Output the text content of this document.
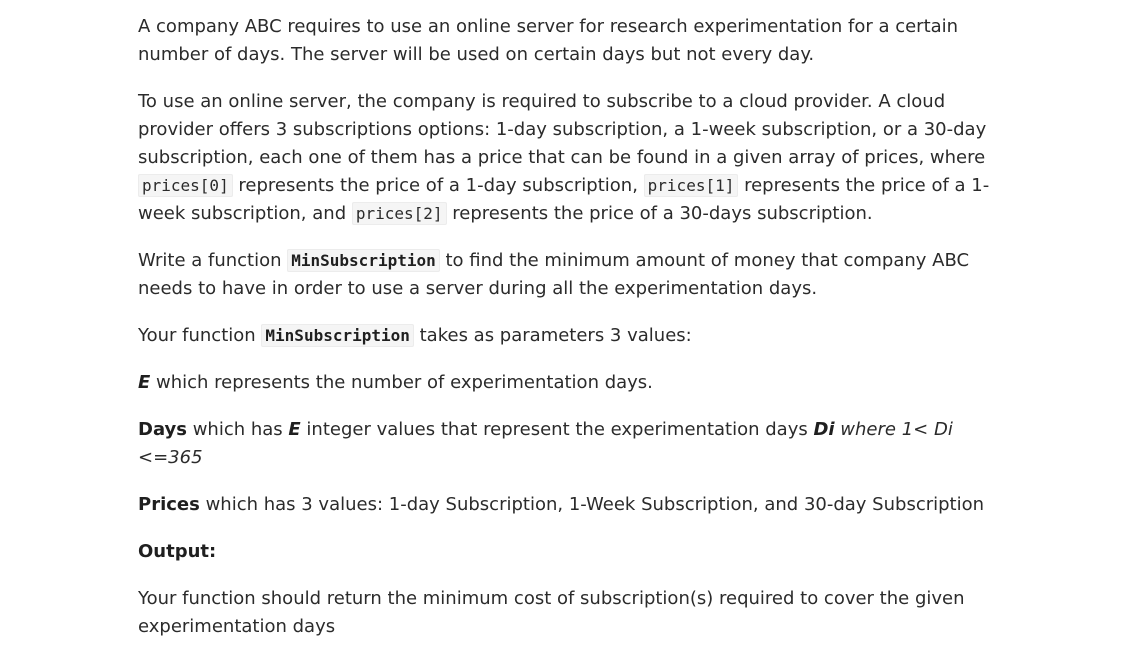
A company ABC requires to use an online server for research experimentation for a certain number of days. The server will be used on certain days but not every day.

To use an online server, the company is required to subscribe to a cloud provider. A cloud provider offers 3 subscriptions options: 1-day subscription, a 1-week subscription, or a 30-day subscription, each one of them has a price that can be found in a given array of prices, where prices[0] represents the price of a 1-day subscription, prices[1] represents the price of a 1-week subscription, and prices[2] represents the price of a 30-days subscription.

Write a function MinSubscription to find the minimum amount of money that company ABC needs to have in order to use a server during all the experimentation days.

Your function MinSubscription takes as parameters 3 values:

E which represents the number of experimentation days.

Days which has E integer values that represent the experimentation days Di where 1< Di <=365

Prices which has 3 values: 1-day Subscription, 1-Week Subscription, and 30-day Subscription

Output:

Your function should return the minimum cost of subscription(s) required to cover the given experimentation days
